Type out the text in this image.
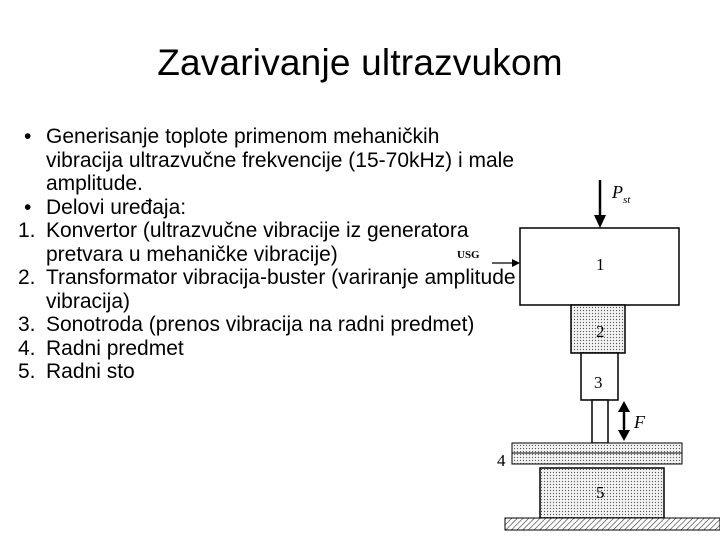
Zavarivanje ultrazvukom
• Generisanje toplote primenom mehaničkih vibracija ultrazvučne frekvencije (15-70kHz) i male amplitude.
• Delovi uređaja:
1. Konvertor (ultrazvučne vibracije iz generatora pretvara u mehaničke vibracije)
2. Transformator vibracija-buster (variranje amplitude vibracija)
3. Sonotroda (prenos vibracija na radni predmet)
4. Radni predmet
5. Radni sto
$P_{st}$
USG	1
2
3
F
4
5
